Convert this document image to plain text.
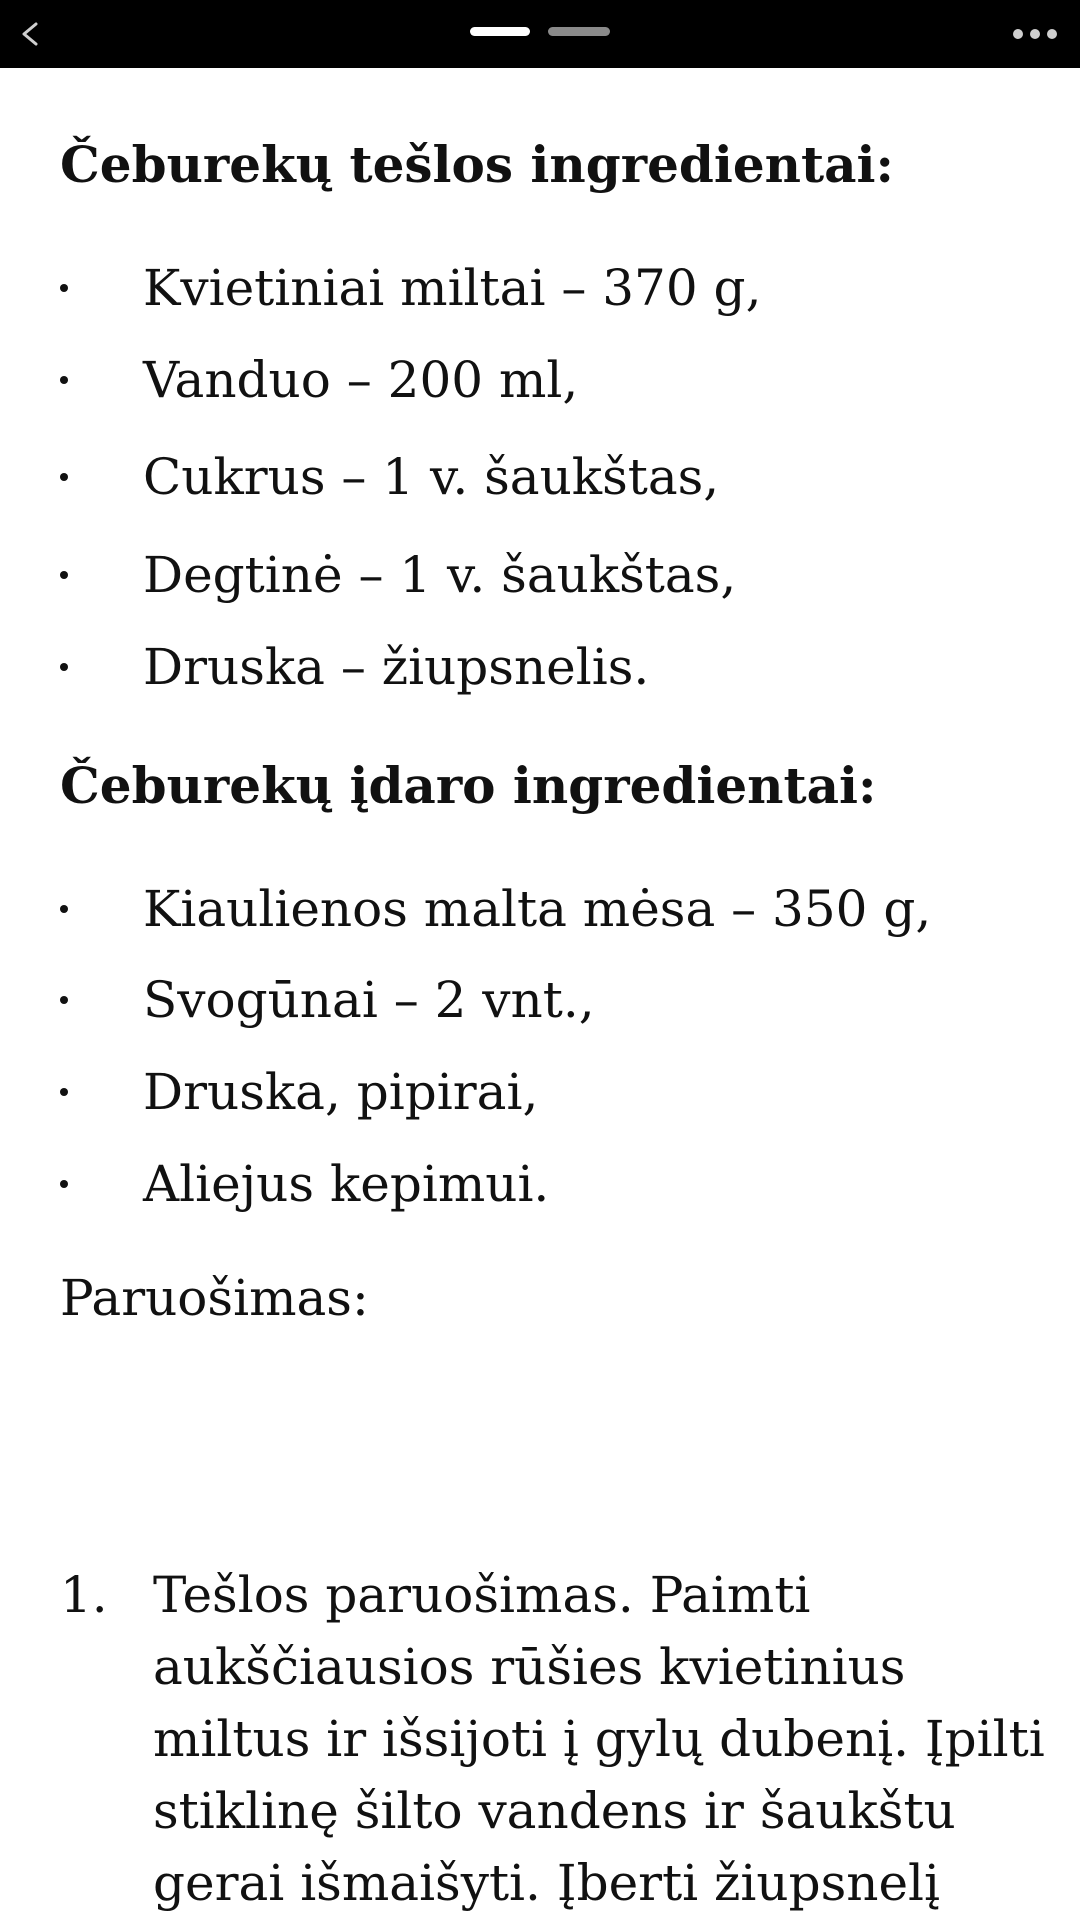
Čeburekų tešlos ingredientai:
Kvietiniai miltai – 370 g,
Vanduo – 200 ml,
Cukrus – 1 v. šaukštas,
Degtinė – 1 v. šaukštas,
Druska – žiupsnelis.
Čeburekų įdaro ingredientai:
Kiaulienos malta mėsa – 350 g,
Svogūnai – 2 vnt.,
Druska, pipirai,
Aliejus kepimui.

Paruošimas:

1. Tešlos paruošimas. Paimti
aukščiausios rūšies kvietinius
miltus ir išsijoti į gylų dubenį. Įpilti
stiklinę šilto vandens ir šaukštu
gerai išmaišyti. Įberti žiupsnelį
